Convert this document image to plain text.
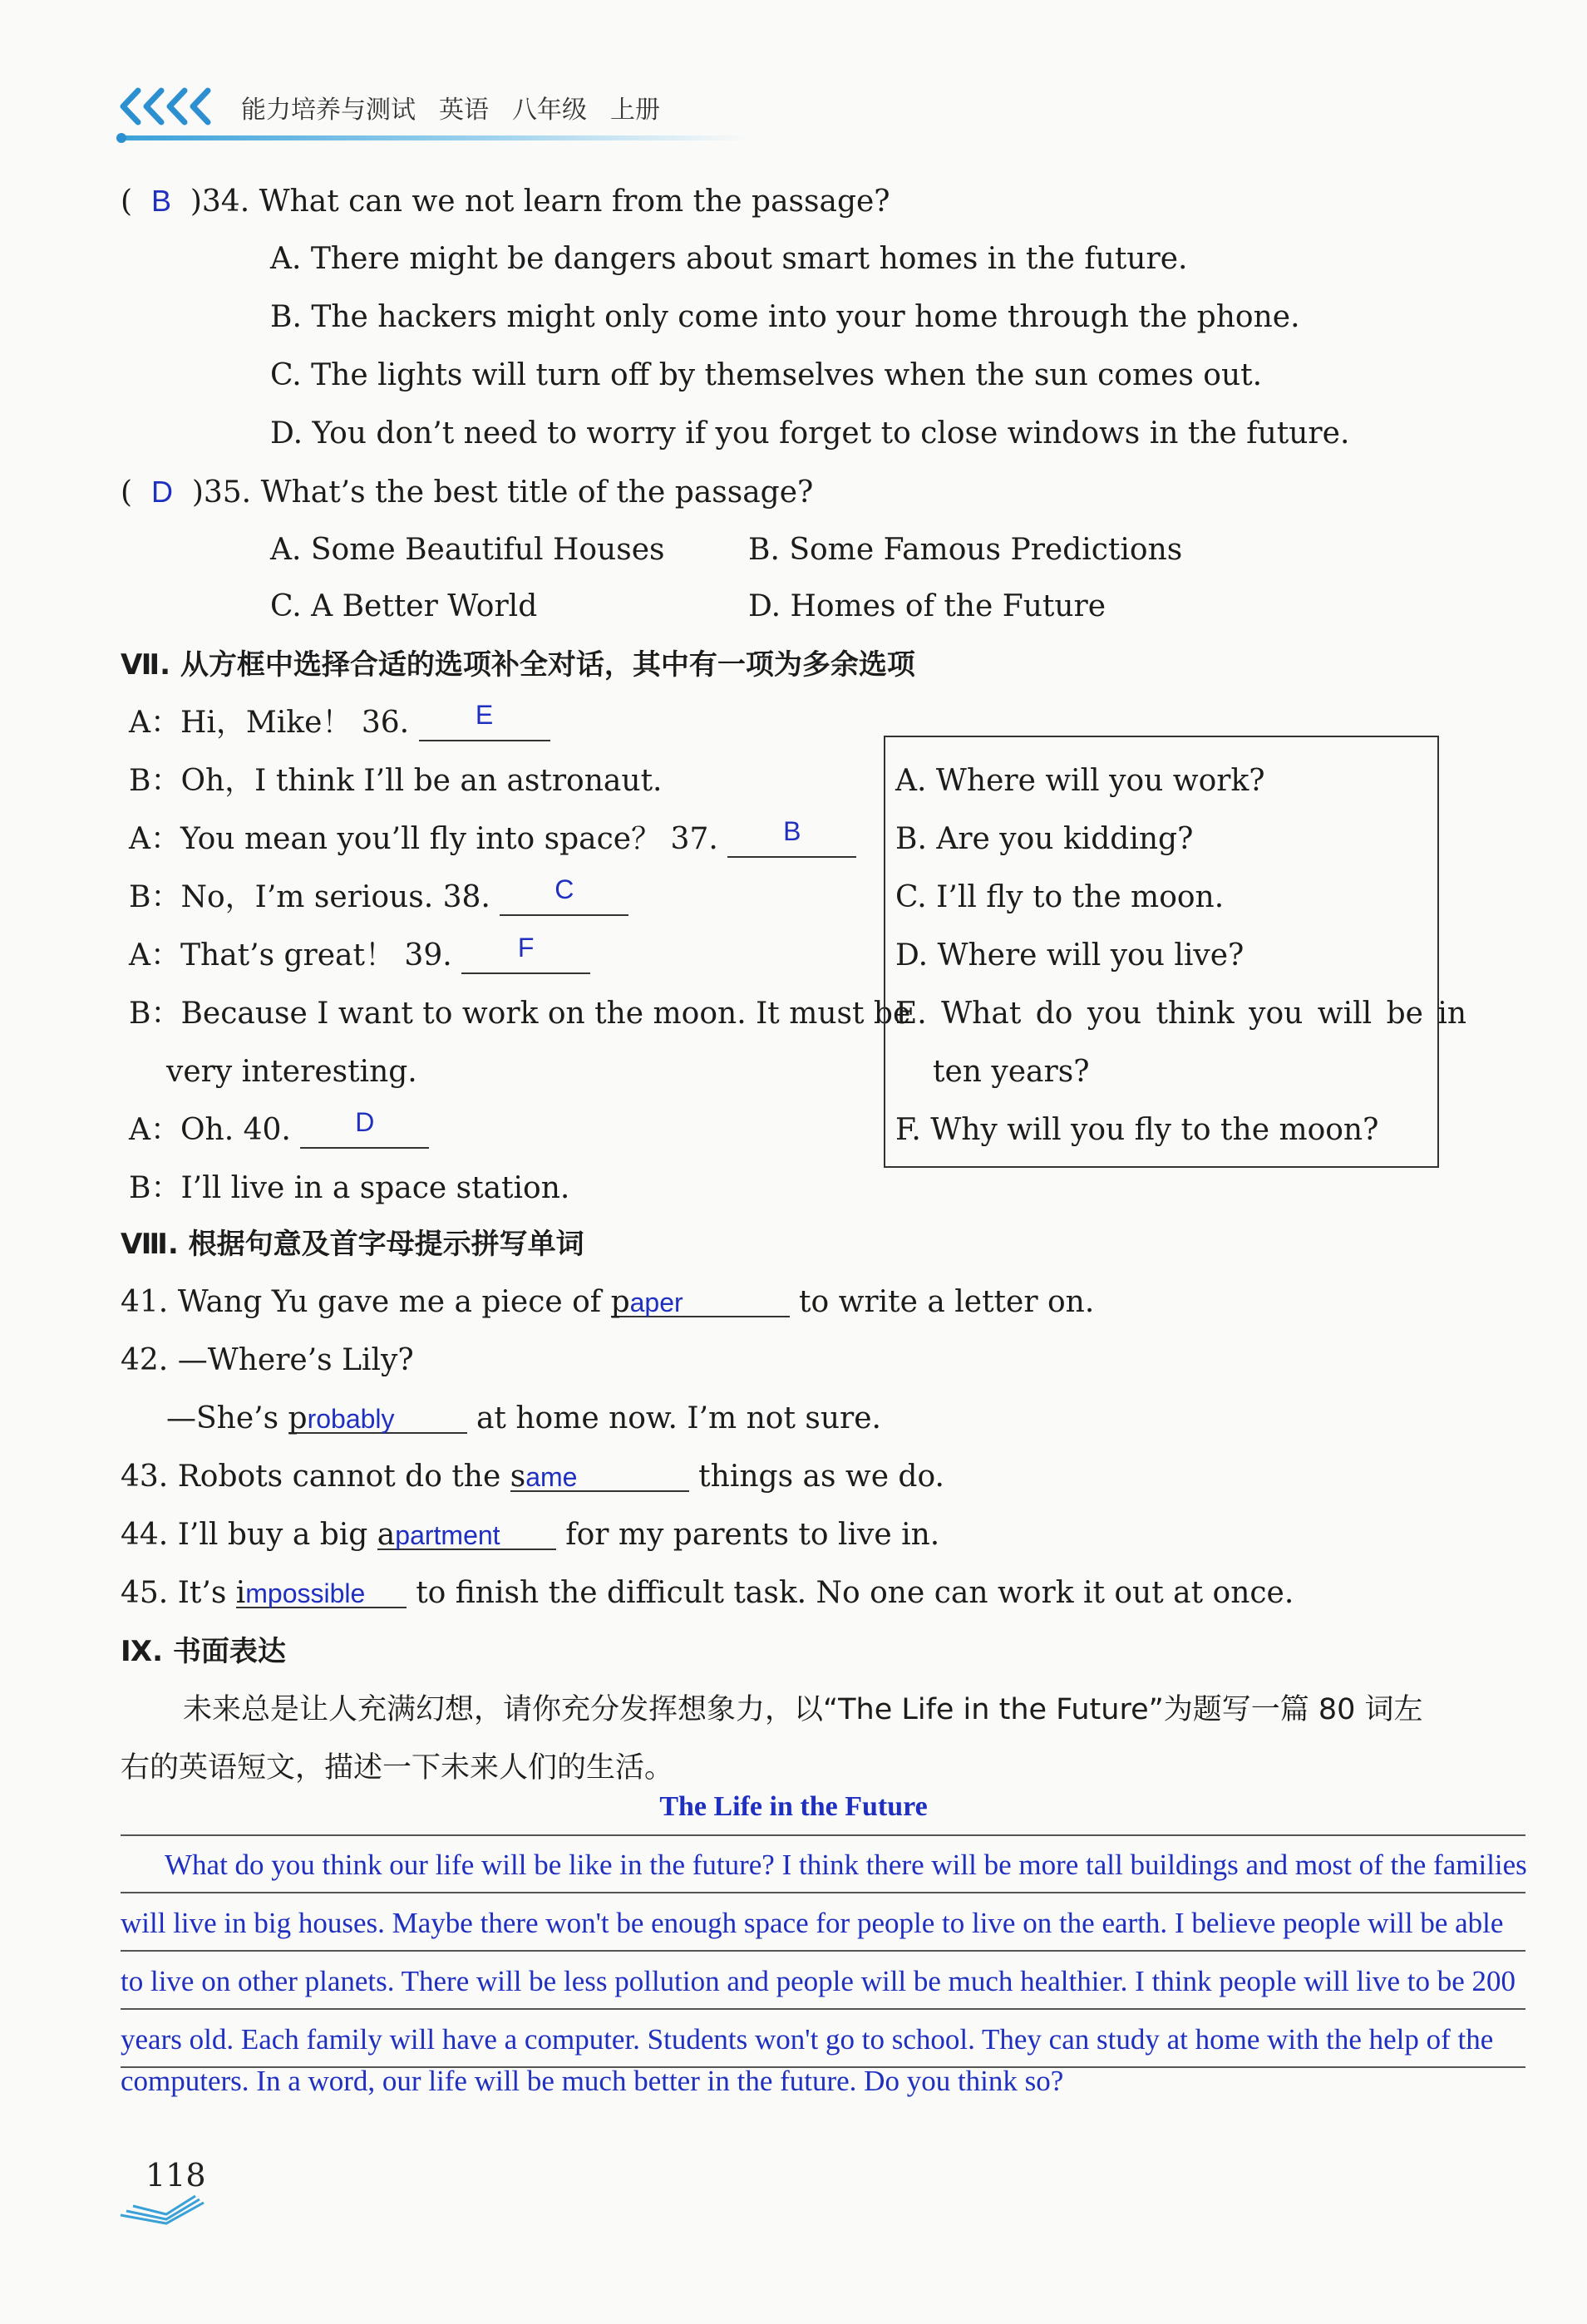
能力培养与测试 英语 八年级 上册
(  B )34. What can we not learn from the passage?
A. There might be dangers about smart homes in the future.
B. The hackers might only come into your home through the phone.
C. The lights will turn off by themselves when the sun comes out.
D. You don’t need to worry if you forget to close windows in the future.
(  D )35. What’s the best title of the passage?
A. Some Beautiful Houses	B. Some Famous Predictions
C. A Better World	D. Homes of the Future
Ⅶ. 从方框中选择合适的选项补全对话，其中有一项为多余选项
A：Hi，Mike！ 36. E
B：Oh，I think I’ll be an astronaut.
A：You mean you’ll fly into space？ 37. B
B：No，I’m serious. 38. C
A：That’s great！ 39. F
B：Because I want to work on the moon. It must be
very interesting.
A：Oh. 40. D
B：I’ll live in a space station.
A. Where will you work?
B. Are you kidding?
C. I’ll fly to the moon.
D. Where will you live?
E. What do you think you will be in
ten years?
F. Why will you fly to the moon?
Ⅷ. 根据句意及首字母提示拼写单词
41. Wang Yu gave me a piece of paper	to write a letter on.
42. —Where’s Lily?
—She’s probably at home now. I’m not sure.
43. Robots cannot do the same	things as we do.
44. I’ll buy a big apartment for my parents to live in.
45. It’s impossible to finish the difficult task. No one can work it out at once.
Ⅸ. 书面表达
未来总是让人充满幻想，请你充分发挥想象力，以“The Life in the Future”为题写一篇 80 词左
右的英语短文，描述一下未来人们的生活。
The Life in the Future
What do you think our life will be like in the future? I think there will be more tall buildings and most of the families
will live in big houses. Maybe there won't be enough space for people to live on the earth. I believe people will be able
to live on other planets. There will be less pollution and people will be much healthier. I think people will live to be 200
years old. Each family will have a computer. Students won't go to school. They can study at home with the help of the
computers. In a word, our life will be much better in the future. Do you think so?
118
